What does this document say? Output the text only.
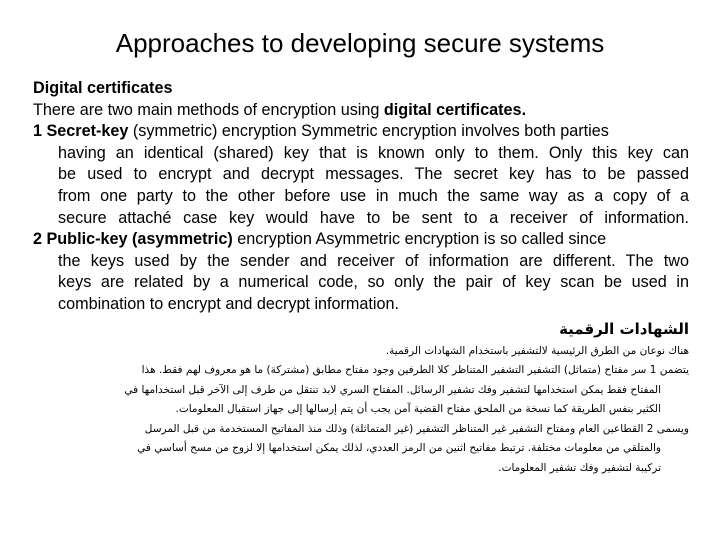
Approaches to developing secure systems
Digital certificates
There are two main methods of encryption using digital certificates.
1 Secret-key (symmetric) encryption Symmetric encryption involves both parties
having an identical (shared) key that is known only to them. Only this key can
be used to encrypt and decrypt messages. The secret key has to be passed
from one party to the other before use in much the same way as a copy of a
secure attaché case key would have to be sent to a receiver of information.
2 Public-key (asymmetric) encryption Asymmetric encryption is so called since
the keys used by the sender and receiver of information are different. The two
keys are related by a numerical code, so only the pair of key scan be used in
combination to encrypt and decrypt information.
الشهادات الرقمية
هناك نوعان من الطرق الرئيسية لالتشفير باستخدام الشهادات الرقمية.
يتضمن 1 سر مفتاح (متماثل) التشفير التشفير المتناظر كلا الطرفين وجود مفتاح مطابق (مشتركة) ما هو معروف لهم فقط. هذا
المفتاح فقط يمكن استخدامها لتشفير وفك تشفير الرسائل. المفتاح السري لابد تنتقل من طرف إلى الآخر قبل استخدامها في
الكثير بنفس الطريقة كما نسخة من الملحق مفتاح القضية آمن يجب أن يتم إرسالها إلى جهاز استقبال المعلومات.
ويسمى 2 القطاعين العام ومفتاح التشفير غير المتناظر التشفير (غير المتماثلة) وذلك منذ المفاتيح المستخدمة من قبل المرسل
والمتلقي من معلومات مختلفة. ترتبط مفاتيح اثنين من الرمز العددي، لذلك يمكن استخدامها إلا لزوج من مسح أساسي في
تركيبة لتشفير وفك تشفير المعلومات.
